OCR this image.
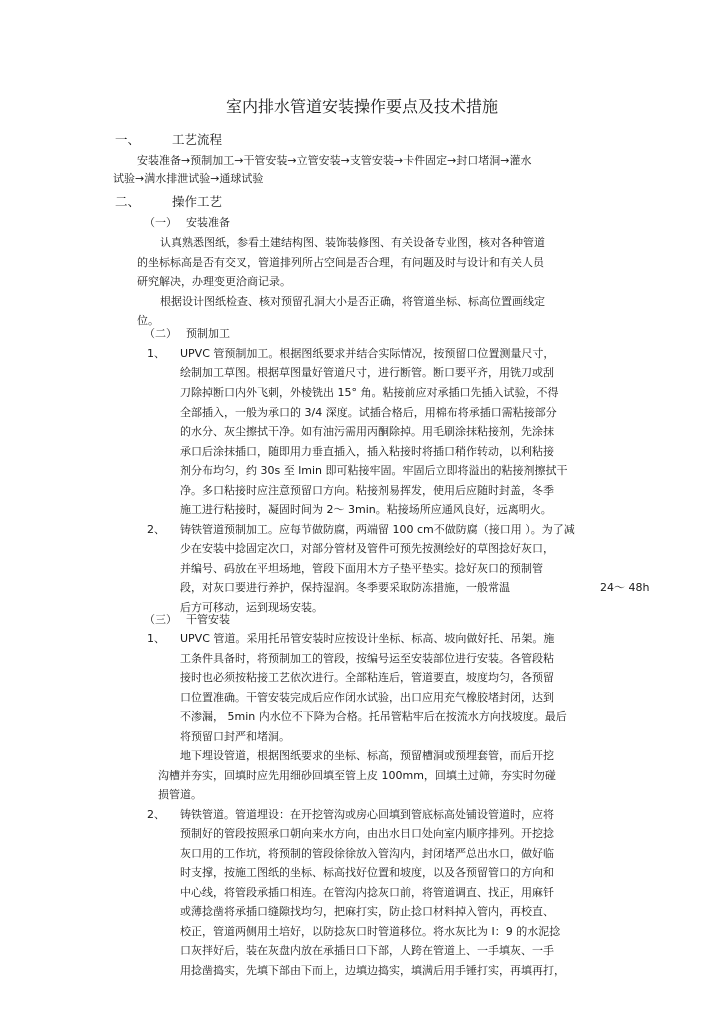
室内排水管道安装操作要点及技术措施
一、	工艺流程
安装准备→预制加工→干管安装→立管安装→支管安装→卡件固定→封口堵洞→灌水
试验→满水排泄试验→通球试验
二、	操作工艺
（一） 安装准备
认真熟悉图纸，参看土建结构图、装饰装修图、有关设备专业图，核对各种管道
的坐标标高是否有交叉，管道排列所占空间是否合理，有问题及时与设计和有关人员
研究解决，办理变更洽商记录。
根据设计图纸检查、核对预留孔洞大小是否正确，将管道坐标、标高位置画线定
位。
（二） 预制加工
1、 UPVC 管预制加工。根据图纸要求并结合实际情况，按预留口位置测量尺寸，
绘制加工草图。根据草图量好管道尺寸，进行断管。断口要平齐，用铣刀或刮
刀除掉断口内外飞刺，外棱铣出 15° 角。粘接前应对承插口先插入试验，不得
全部插入，一般为承口的 3/4 深度。试插合格后，用棉布将承插口需粘接部分
的水分、灰尘擦拭干净。如有油污需用丙酮除掉。用毛刷涂抹粘接剂，先涂抹
承口后涂抹插口，随即用力垂直插入，插入粘接时将插口稍作转动，以利粘接
剂分布均匀，约 30s 至 lmin 即可粘接牢固。牢固后立即将溢出的粘接剂擦拭干
净。多口粘接时应注意预留口方向。粘接剂易挥发，使用后应随时封盖，冬季
施工进行粘接时，凝固时间为 2～ 3min。粘接场所应通风良好，远离明火。
2、 铸铁管道预制加工。应每节做防腐，两端留 100 cm不做防腐（接口用 ）。为了减
少在安装中捻固定次口，对部分管材及管件可预先按测绘好的草图捻好灰口，
并编号、码放在平坦场地，管段下面用木方子垫平垫实。捻好灰口的预制管
段，对灰口要进行养护，保持湿润。冬季要采取防冻措施，一般常温	24～ 48h
后方可移动，运到现场安装。
（三） 干管安装
1、 UPVC 管道。采用托吊管安装时应按设计坐标、标高、坡向做好托、吊架。施
工条件具备时，将预制加工的管段，按编号运至安装部位进行安装。各管段粘
接时也必须按粘接工艺依次进行。全部粘连后，管道要直，坡度均匀，各预留
口位置准确。干管安装完成后应作闭水试验，出口应用充气橡胶堵封闭，达到
不渗漏， 5min 内水位不下降为合格。托吊管粘牢后在按流水方向找坡度。最后
将预留口封严和堵洞。
地下埋设管道，根据图纸要求的坐标、标高，预留槽洞或预埋套管，而后开挖
沟槽并夯实，回填时应先用细砂回填至管上皮 100mm，回填土过筛，夯实时勿碰
损管道。
2、 铸铁管道。管道埋设：在开挖管沟或房心回填到管底标高处铺设管道时，应将
预制好的管段按照承口朝向来水方向，由出水日口处向室内顺序排列。开挖捻
灰口用的工作坑，将预制的管段徐徐放入管沟内，封闭堵严总出水口，做好临
时支撑，按施工图纸的坐标、标高找好位置和坡度，以及各预留管口的方向和
中心线，将管段承插口相连。在管沟内捻灰口前，将管道调直、找正，用麻钎
或薄捻凿将承插口缝隙找均匀，把麻打实，防止捻口材料掉入管内，再校直、
校正，管道两侧用土培好，以防捻灰口时管道移位。将水灰比为 I：9 的水泥捻
口灰拌好后，装在灰盘内放在承插日口下部，人跨在管道上、一手填灰、一手
用捻凿捣实，先填下部由下而上，边填边捣实，填满后用手锤打实，再填再打，
